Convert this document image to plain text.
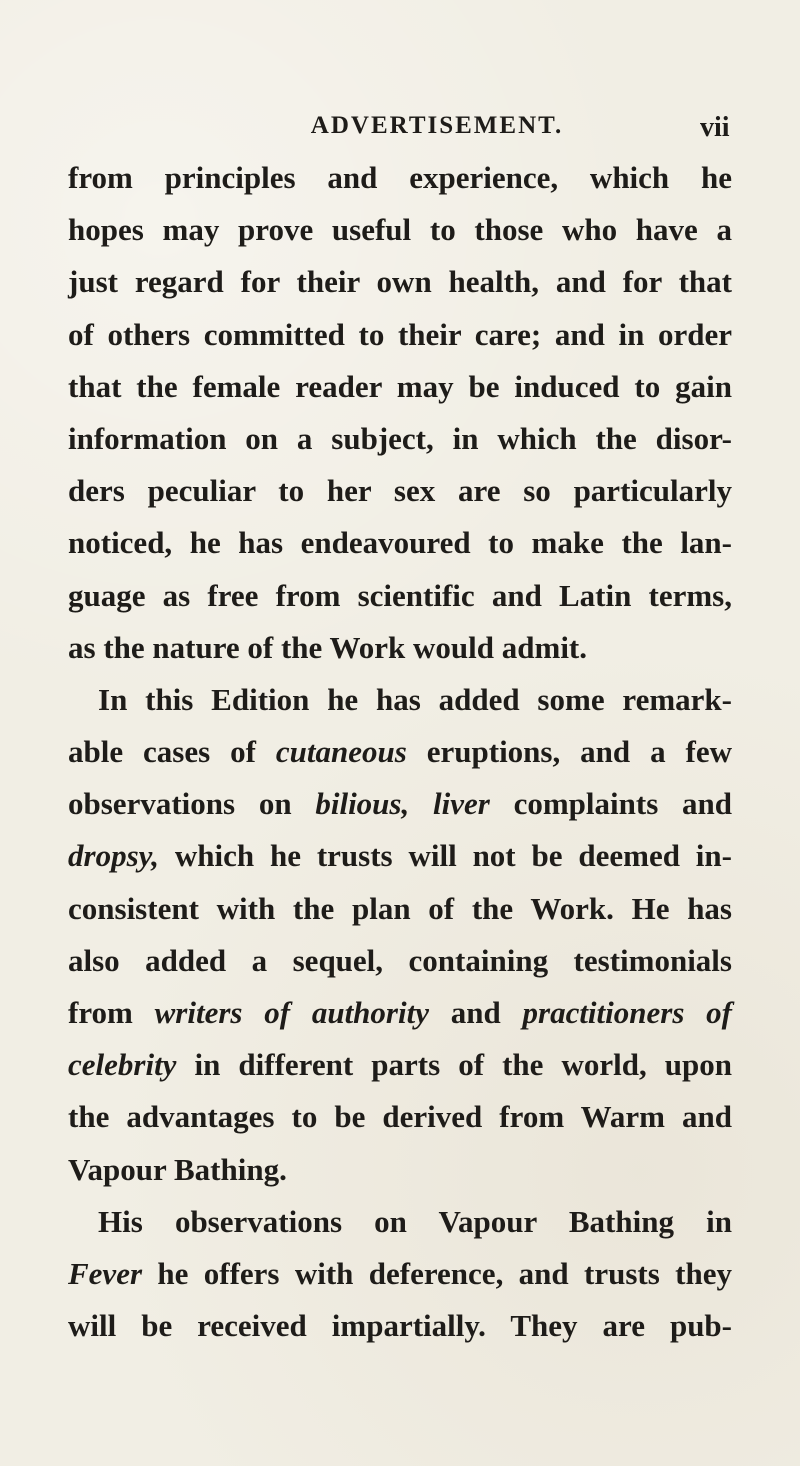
ADVERTISEMENT.	vii
from principles and experience, which he
hopes may prove useful to those who have a
just regard for their own health, and for that
of others committed to their care; and in order
that the female reader may be induced to gain
information on a subject, in which the disor-
ders peculiar to her sex are so particularly
noticed, he has endeavoured to make the lan-
guage as free from scientific and Latin terms,
as the nature of the Work would admit.
In this Edition he has added some remark-
able cases of cutaneous eruptions, and a few
observations on bilious, liver complaints and
dropsy, which he trusts will not be deemed in-
consistent with the plan of the Work. He has
also added a sequel, containing testimonials
from writers of authority and practitioners of
celebrity in different parts of the world, upon
the advantages to be derived from Warm and
Vapour Bathing.
His observations on Vapour Bathing in
Fever he offers with deference, and trusts they
will be received impartially. They are pub-
